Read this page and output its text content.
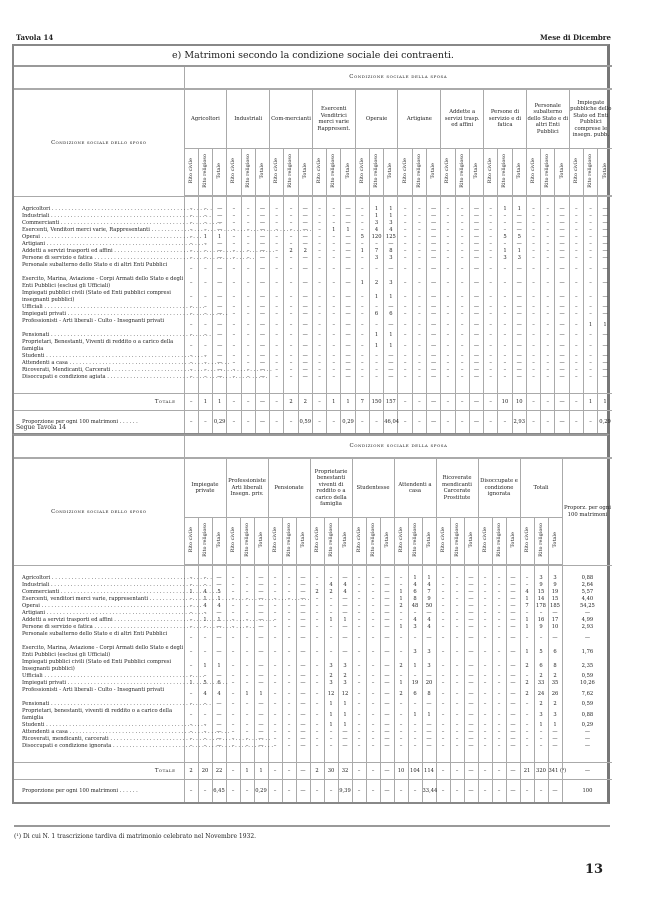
Tavola 14	Mese di Dicembre
e) Matrimoni secondo la condizione sociale dei contraenti.																														
	Condizione sociale della sposa																													
Condizione sociale dello sposo	Agricoltori			Industriali			Com-mercianti			Esercenti Venditrici merci varie Rappresent.			Operaie			Artigiane			Addette a servizi trasp. ed affini			Persone di servizio e di fatica			Personale subalterno dello Stato e di altri Enti Pubblici			Impiegate pubbliche dello Stato ed Enti Pubblici comprese le insegn. pubb.		
	Rito civile	Rito religioso	Totale	Rito civile	Rito religioso	Totale	Rito civile	Rito religioso	Totale	Rito civile	Rito religioso	Totale	Rito civile	Rito religioso	Totale	Rito civile	Rito religioso	Totale	Rito civile	Rito religioso	Totale	Rito civile	Rito religioso	Totale	Rito civile	Rito religioso	Totale	Rito civile	Rito religioso	Totale

Agricoltori . . .	–	–	—	–	–	—	–	–	—	–	–	—	–	1	1	–	–	—	–	–	—	–	1	1	–	–	—	–	–	—

Industriali . . .	–	–	—	–	–	—	–	–	—	–	–	—	–	1	1	–	–	—	–	–	—	–	–	—	–	–	—	–	–	—

Commercianti . . .	–	–	—	–	–	—	–	–	—	–	–	—	–	3	3	–	–	—	–	–	—	–	–	—	–	–	—	–	–	—

Esercenti, Venditori merci varie, Rappresentanti . . .	–	–	—	–	–	—	–	–	—	–	1	1	–	4	4	–	–	—	–	–	—	–	–	—	–	–	—	–	–	—

Operai . . .	–	1	1	–	–	—	–	–	—	–	–	—	5	120	125	–	–	—	–	–	—	–	5	5	–	–	—	–	–	—

Artigiani . . .	–	–	—	–	–	—	–	–	—	–	–	—	–	–	—	–	–	—	–	–	—	–	–	—	–	–	—	–	–	—

Addetti a servizi trasporti ed affini . . .	–	–	—	–	–	—	–	2	2	–	–	—	1	7	8	–	–	—	–	–	—	–	1	1	–	–	—	–	–	—

Persone di servizio e fatica . . .	–	–	—	–	–	—	–	–	—	–	–	—	–	3	3	–	–	—	–	–	—	–	3	3	–	–	—	–	–	—

Personale subalterno dello Stato e di altri Enti Pubblici	–	–	—	–	–	—	–	–	—	–	–	—	–	–	—	–	–	—	–	–	—	–	–	—	–	–	—	–	–	—

Esercito, Marina, Aviazione - Corpi Armati dello Stato e degli Enti Pubblici (esclusi gli Ufficiali)	–	–	—	–	–	—	–	–	—	–	–	—	1	2	3	–	–	—	–	–	—	–	–	—	–	–	—	–	–	—

Impiegati pubblici civili (Stato ed Enti pubblici compresi insegnanti pubblici)	–	–	—	–	–	—	–	–	—	–	–	—	–	1	1	–	–	—	–	–	—	–	–	—	–	–	—	–	–	—

Ufficiali . . .	–	–	—	–	–	—	–	–	—	–	–	—	–	–	—	–	–	—	–	–	—	–	–	—	–	–	—	–	–	—

Impiegati privati . . .	–	–	—	–	–	—	–	–	—	–	–	—	–	6	6	–	–	—	–	–	—	–	–	—	–	–	—	–	–	—

Professionisti - Arti liberali - Culto - Insegnanti privati	–	–	—	–	–	—	–	–	—	–	–	—	–	–	—	–	–	—	–	–	—	–	–	—	–	–	—	–	1	1

Pensionati . . .	–	–	—	–	–	—	–	–	—	–	–	—	–	1	1	–	–	—	–	–	—	–	–	—	–	–	—	–	–	—

Proprietari, Benestanti, Viventi di reddito o a carico della famiglia	–	–	—	–	–	—	–	–	—	–	–	—	–	1	1	–	–	—	–	–	—	–	–	—	–	–	—	–	–	—

Studenti . . .	–	–	—	–	–	—	–	–	—	–	–	—	–	–	—	–	–	—	–	–	—	–	–	—	–	–	—	–	–	—

Attendenti a casa . . .	–	–	—	–	–	—	–	–	—	–	–	—	–	–	—	–	–	—	–	–	—	–	–	—	–	–	—	–	–	—

Ricoverati, Mendicanti, Carcerati . . .	–	–	—	–	–	—	–	–	—	–	–	—	–	–	—	–	–	—	–	–	—	–	–	—	–	–	—	–	–	—

Disoccupati e condizione agiata . . .	–	–	—	–	–	—	–	–	—	–	–	—	–	–	—	–	–	—	–	–	—	–	–	—	–	–	—	–	–	—

Totale	–	1	1	–	–	—	–	2	2	–	1	1	7	150	157	–	–	—	–	–	—	–	10	10	–	–	—	–	1	1
Proporzione per ogni 100 matrimoni . . . . . .	–	–	0,29	–	–	—	–	–	0,59	–	–	0,29	–	–	46,04	–	–	—	–	–	—	–	–	2,93	–	–	—	–	–	0,29
Segue Tavola 14
	Condizione sociale della sposa																											
Condizione sociale dello sposo	Impiegate private			Professioniste Arti liberali Insegn. priv.			Pensionate			Proprietarie benestanti viventi di reddito o a carico della famiglia			Studentesse			Attendenti a casa			Ricoverate mendicanti Carcerate Prostitute			Disoccupate e condizione ignorata			Totali			Proporz. per ogni 100 matrimoni
	Rito civile	Rito religioso	Totale	Rito civile	Rito religioso	Totale	Rito civile	Rito religioso	Totale	Rito civile	Rito religioso	Totale	Rito civile	Rito religioso	Totale	Rito civile	Rito religioso	Totale	Rito civile	Rito religioso	Totale	Rito civile	Rito religioso	Totale	Rito civile	Rito religioso	Totale	

Agricoltori . . .	–	–	—	–	–	—	–	–	—	–	–	—	–	–	—	–	1	1	–	–	—	–	–	—	–	3	3	0,88

Industriali . . .	–	–	—	–	–	—	–	–	—	–	4	4	–	–	—	–	4	4	–	–	—	–	–	—	–	9	9	2,64

Commercianti . . .	1	4	5	–	–	—	–	–	—	2	2	4	–	–	—	1	6	7	–	–	—	–	–	—	4	15	19	5,57

Esercenti, venditori merci varie, rappresentanti . . .	–	1	1	–	–	—	–	–	—	–	–	—	–	–	—	1	8	9	–	–	—	–	–	—	1	14	15	4,40

Operai . . .	–	4	4	–	–	—	–	–	—	–	–	—	–	–	—	2	48	50	–	–	—	–	–	—	7	178	185	54,25

Artigiani . . .	–	–	—	–	–	—	–	–	—	–	–	—	–	–	—	–	–	—	–	–	—	–	–	—	–	–	—	—

Addetti a servizi trasporti ed affini . . .	–	1	1	–	–	—	–	–	—	–	1	1	–	–	—	–	4	4	–	–	—	–	–	—	1	16	17	4,99

Persone di servizio e fatica . . .	–	–	—	–	–	—	–	–	—	–	–	—	–	–	—	1	3	4	–	–	—	–	–	—	1	9	10	2,93

Personale subalterno dello Stato e di altri Enti Pubblici	–	–	—	–	–	—	–	–	—	–	–	—	–	–	—	–	–	—	–	–	—	–	–	—	–	–	—	—

Esercito, Marina, Aviazione - Corpi Armati dello Stato e degli Enti Pubblici (esclusi gli Ufficiali)	–	–	—	–	–	—	–	–	—	–	–	—	–	–	—	–	3	3	–	–	—	–	–	—	1	5	6	1,76

Impiegati pubblici civili (Stato ed Enti Pubblici compresi Insegnanti pubblici)	–	1	1	–	–	—	–	–	—	–	3	3	–	–	—	2	1	3	–	–	—	–	–	—	2	6	8	2,35

Ufficiali . . .	–	–	—	–	–	—	–	–	—	–	2	2	–	–	—	–	–	—	–	–	—	–	–	—	–	2	2	0,59

Impiegati privati . . .	1	5	6	–	–	—	–	–	—	–	3	3	–	–	—	1	19	20	–	–	—	–	–	—	2	33	35	10,26

Professionisti - Arti liberali - Culto - Insegnanti privati	–	4	4	–	1	1	–	–	—	–	12	12	–	–	—	2	6	8	–	–	—	–	–	—	2	24	26	7,62

Pensionati . . .	–	–	—	–	–	—	–	–	—	–	1	1	–	–	—	–	–	—	–	–	—	–	–	—	–	2	2	0,59

Proprietari, benestanti, viventi di reddito o a carico della famiglia	–	–	—	–	–	—	–	–	—	–	1	1	–	–	—	–	1	1	–	–	—	–	–	—	–	3	3	0,88

Studenti . . .	–	–	—	–	–	—	–	–	—	–	1	1	–	–	—	–	–	—	–	–	—	–	–	—	–	1	1	0,29

Attendenti a casa . . .	–	–	—	–	–	—	–	–	—	–	–	—	–	–	—	–	–	—	–	–	—	–	–	—	–	–	—	—

Ricoverati, mendicanti, carcerati . . .	–	–	—	–	–	—	–	–	—	–	–	—	–	–	—	–	–	—	–	–	—	–	–	—	–	–	—	—

Disoccupati e condizione ignorata . . .	–	–	—	–	–	—	–	–	—	–	–	—	–	–	—	–	–	—	–	–	—	–	–	—	–	–	—	—

Totale	2	20	22	–	1	1	–	–	—	2	30	32	–	–	—	10	104	114	–	–	—	–	–	—	21	320	341 (¹)	—
Proporzione per ogni 100 matrimoni . . . . . .	–	–	6,45	–	–	0,29	–	–	—	–	–	9,39	–	–	—	–	–	33,44	–	–	—	–	–	—	–	–	—	100
(¹) Di cui N. 1 trascrizione tardiva di matrimonio celebrato nel Novembre 1932.
13
